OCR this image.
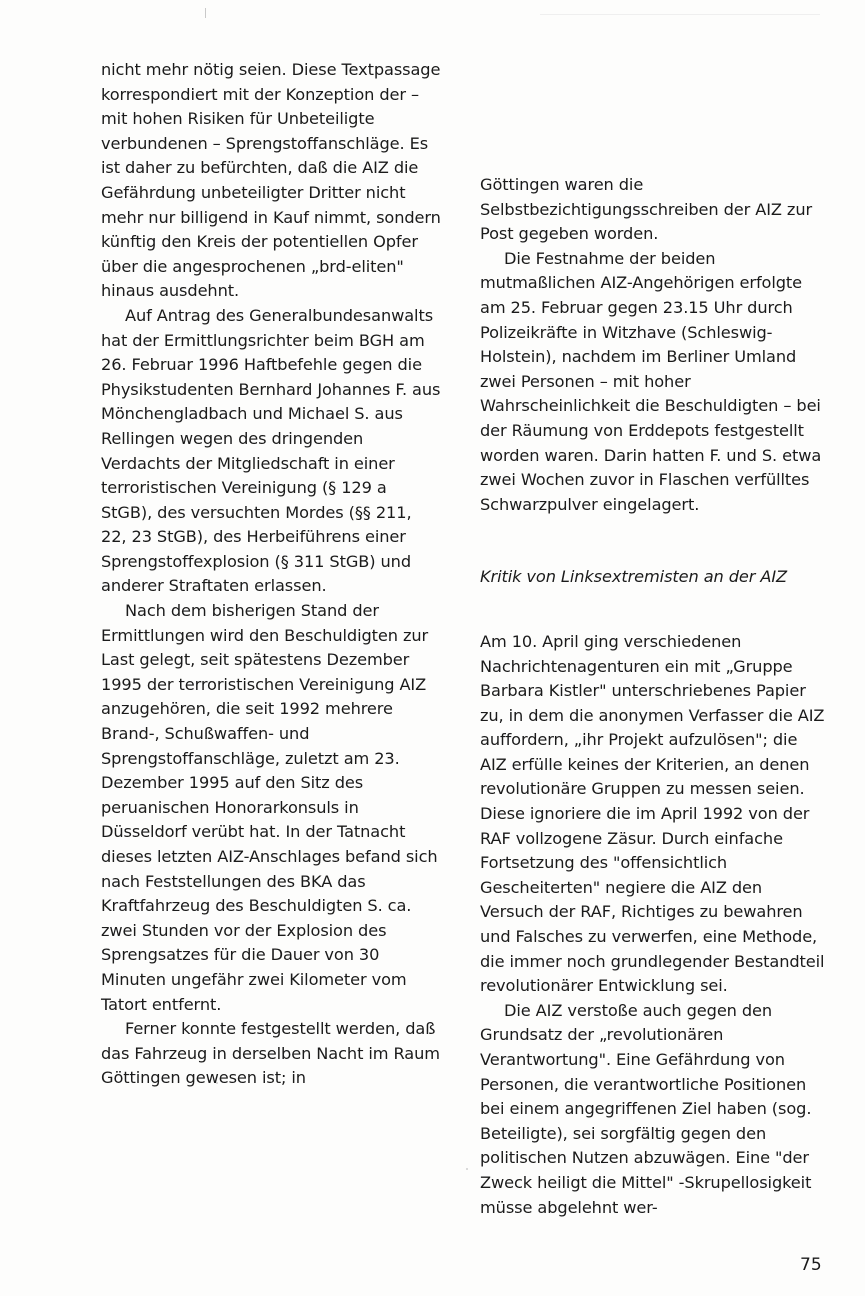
nicht mehr nötig seien. Diese Textpassage korrespondiert mit der Konzeption der – mit hohen Risiken für Unbeteiligte verbundenen – Sprengstoffanschläge. Es ist daher zu befürchten, daß die AIZ die Gefährdung unbeteiligter Dritter nicht mehr nur billigend in Kauf nimmt, sondern künftig den Kreis der potentiellen Opfer über die angesprochenen „brd-eliten" hinaus ausdehnt.

Auf Antrag des Generalbundesanwalts hat der Ermittlungsrichter beim BGH am 26. Februar 1996 Haftbefehle gegen die Physikstudenten Bernhard Johannes F. aus Mönchengladbach und Michael S. aus Rellingen wegen des dringenden Verdachts der Mitgliedschaft in einer terroristischen Vereinigung (§ 129 a StGB), des versuchten Mordes (§§ 211, 22, 23 StGB), des Herbeiführens einer Sprengstoffexplosion (§ 311 StGB) und anderer Straftaten erlassen.

Nach dem bisherigen Stand der Ermittlungen wird den Beschuldigten zur Last gelegt, seit spätestens Dezember 1995 der terroristischen Vereinigung AIZ anzugehören, die seit 1992 mehrere Brand-, Schußwaffen- und Sprengstoffanschläge, zuletzt am 23. Dezember 1995 auf den Sitz des peruanischen Honorarkonsuls in Düsseldorf verübt hat. In der Tatnacht dieses letzten AIZ-Anschlages befand sich nach Feststellungen des BKA das Kraftfahrzeug des Beschuldigten S. ca. zwei Stunden vor der Explosion des Sprengsatzes für die Dauer von 30 Minuten ungefähr zwei Kilometer vom Tatort entfernt.

Ferner konnte festgestellt werden, daß das Fahrzeug in derselben Nacht im Raum Göttingen gewesen ist; in

Göttingen waren die Selbstbezichtigungsschreiben der AIZ zur Post gegeben worden.

Die Festnahme der beiden mutmaßlichen AIZ-Angehörigen erfolgte am 25. Februar gegen 23.15 Uhr durch Polizeikräfte in Witzhave (Schleswig-Holstein), nachdem im Berliner Umland zwei Personen – mit hoher Wahrscheinlichkeit die Beschuldigten – bei der Räumung von Erddepots festgestellt worden waren. Darin hatten F. und S. etwa zwei Wochen zuvor in Flaschen verfülltes Schwarzpulver eingelagert.

Kritik von Linksextremisten an der AIZ

Am 10. April ging verschiedenen Nachrichtenagenturen ein mit „Gruppe Barbara Kistler" unterschriebenes Papier zu, in dem die anonymen Verfasser die AIZ auffordern, „ihr Projekt aufzulösen"; die AIZ erfülle keines der Kriterien, an denen revolutionäre Gruppen zu messen seien. Diese ignoriere die im April 1992 von der RAF vollzogene Zäsur. Durch einfache Fortsetzung des "offensichtlich Gescheiterten" negiere die AIZ den Versuch der RAF, Richtiges zu bewahren und Falsches zu verwerfen, eine Methode, die immer noch grundlegender Bestandteil revolutionärer Entwicklung sei.

Die AIZ verstoße auch gegen den Grundsatz der „revolutionären Verantwortung". Eine Gefährdung von Personen, die verantwortliche Positionen bei einem angegriffenen Ziel haben (sog. Beteiligte), sei sorgfältig gegen den politischen Nutzen abzuwägen. Eine "der Zweck heiligt die Mittel" -Skrupellosigkeit müsse abgelehnt wer-

75
